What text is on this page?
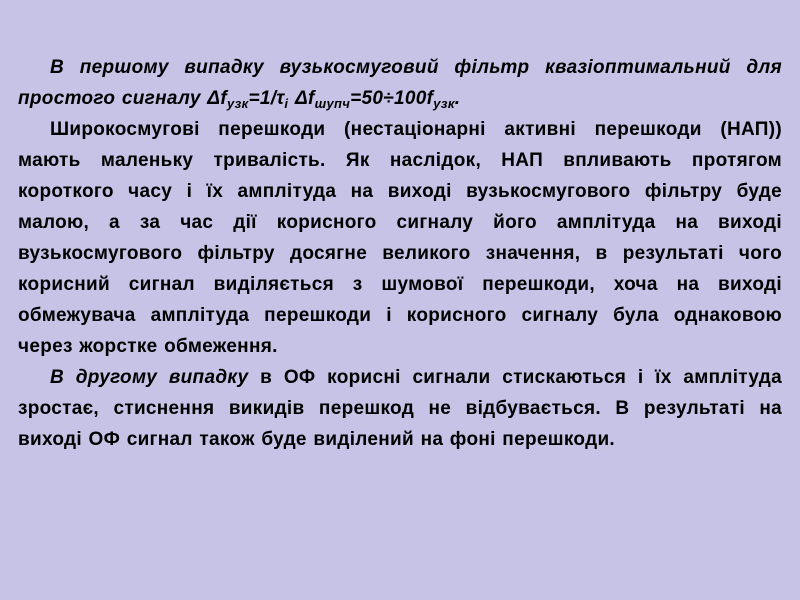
В першому випадку вузькосмуговий фільтр квазіоптимальний для простого сигналу $\Delta f_{узк}=1/\tau_і$ $\Delta f_{шупч}=50\div 100f_{узк}$.

Широкосмугові перешкоди (нестаціонарні активні перешкоди (НАП)) мають маленьку тривалість. Як наслідок, НАП впливають протягом короткого часу і їх амплітуда на виході вузькосмугового фільтру буде малою, а за час дії корисного сигналу його амплітуда на виході вузькосмугового фільтру досягне великого значення, в результаті чого корисний сигнал виділяється з шумової перешкоди, хоча на виході обмежувача амплітуда перешкоди і корисного сигналу була однаковою через жорстке обмеження.

В другому випадку в ОФ корисні сигнали стискаються і їх амплітуда зростає, стиснення викидів перешкод не відбувається. В результаті на виході ОФ сигнал також буде виділений на фоні перешкоди.
